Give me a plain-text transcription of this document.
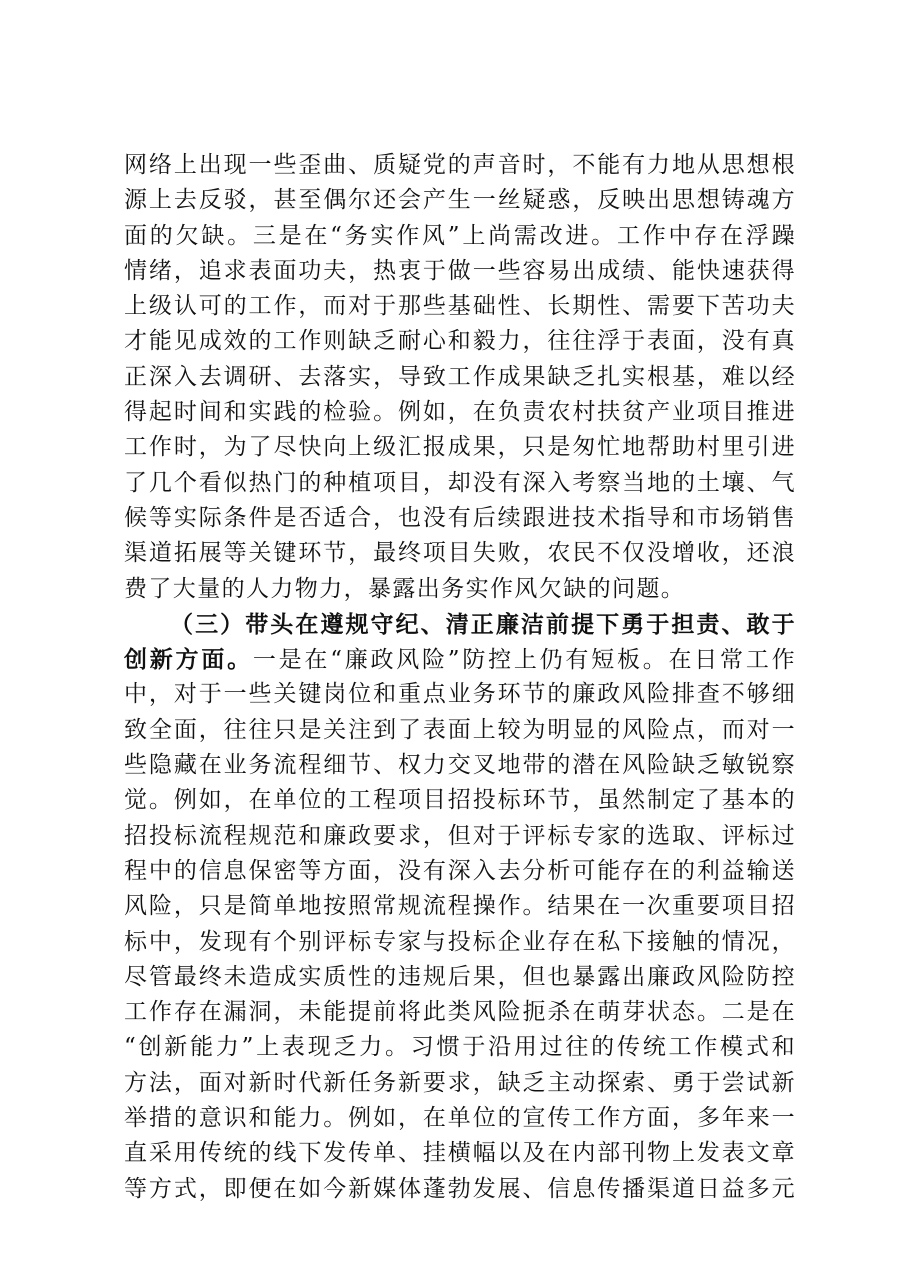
网络上出现一些歪曲、质疑党的声音时，不能有力地从思想根
源上去反驳，甚至偶尔还会产生一丝疑惑，反映出思想铸魂方
面的欠缺。三是在“务实作风”上尚需改进。工作中存在浮躁
情绪，追求表面功夫，热衷于做一些容易出成绩、能快速获得
上级认可的工作，而对于那些基础性、长期性、需要下苦功夫
才能见成效的工作则缺乏耐心和毅力，往往浮于表面，没有真
正深入去调研、去落实，导致工作成果缺乏扎实根基，难以经
得起时间和实践的检验。例如，在负责农村扶贫产业项目推进
工作时，为了尽快向上级汇报成果，只是匆忙地帮助村里引进
了几个看似热门的种植项目，却没有深入考察当地的土壤、气
候等实际条件是否适合，也没有后续跟进技术指导和市场销售
渠道拓展等关键环节，最终项目失败，农民不仅没增收，还浪
费了大量的人力物力，暴露出务实作风欠缺的问题。
（三）带头在遵规守纪、清正廉洁前提下勇于担责、敢于
创新方面。一是在“廉政风险”防控上仍有短板。在日常工作
中，对于一些关键岗位和重点业务环节的廉政风险排查不够细
致全面，往往只是关注到了表面上较为明显的风险点，而对一
些隐藏在业务流程细节、权力交叉地带的潜在风险缺乏敏锐察
觉。例如，在单位的工程项目招投标环节，虽然制定了基本的
招投标流程规范和廉政要求，但对于评标专家的选取、评标过
程中的信息保密等方面，没有深入去分析可能存在的利益输送
风险，只是简单地按照常规流程操作。结果在一次重要项目招
标中，发现有个别评标专家与投标企业存在私下接触的情况，
尽管最终未造成实质性的违规后果，但也暴露出廉政风险防控
工作存在漏洞，未能提前将此类风险扼杀在萌芽状态。二是在
“创新能力”上表现乏力。习惯于沿用过往的传统工作模式和
方法，面对新时代新任务新要求，缺乏主动探索、勇于尝试新
举措的意识和能力。例如，在单位的宣传工作方面，多年来一
直采用传统的线下发传单、挂横幅以及在内部刊物上发表文章
等方式，即便在如今新媒体蓬勃发展、信息传播渠道日益多元
